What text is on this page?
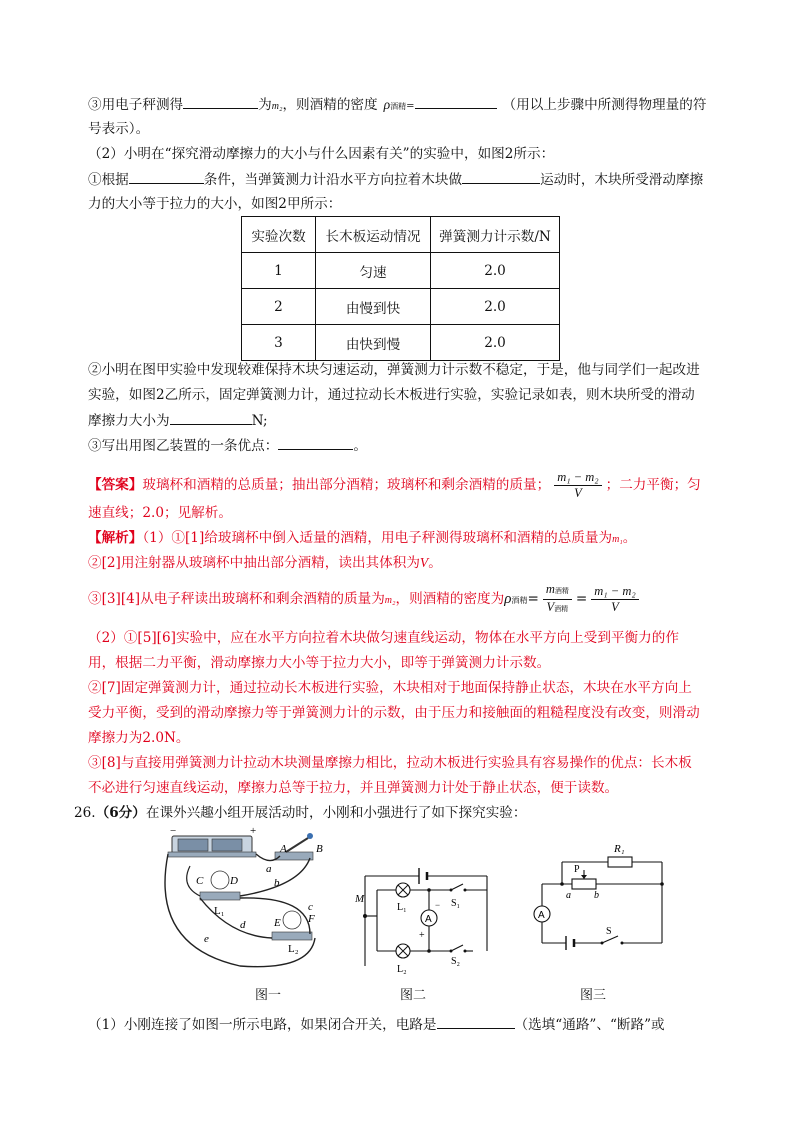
③用电子秤测得	为m₂，则酒精的密度 ρ酒精=	（用以上步骤中所测得物理量的符
号表示）。
（2）小明在“探究滑动摩擦力的大小与什么因素有关”的实验中，如图2所示：
①根据	条件，当弹簧测力计沿水平方向拉着木块做	运动时，木块所受滑动摩擦
力的大小等于拉力的大小，如图2甲所示：
实验次数	长木板运动情况	弹簧测力计示数/N
1	匀速	2.0
2	由慢到快	2.0
3	由快到慢	2.0
②小明在图甲实验中发现较难保持木块匀速运动，弹簧测力计示数不稳定，于是，他与同学们一起改进
实验，如图2乙所示，固定弹簧测力计，通过拉动长木板进行实验，实验记录如表，则木块所受的滑动
摩擦力大小为	N;
③写出用图乙装置的一条优点：	。
【答案】玻璃杯和酒精的总质量；抽出部分酒精；玻璃杯和剩余酒精的质量； $\frac{\text{m₁ − m₂}}{V}$ ；二力平衡；匀
速直线；2.0；见解析。
【解析】（1）①[1]给玻璃杯中倒入适量的酒精，用电子秤测得玻璃杯和酒精的总质量为m₁。
②[2]用注射器从玻璃杯中抽出部分酒精，读出其体积为V。
③[3][4]从电子秤读出玻璃杯和剩余酒精的质量为m₂，则酒精的密度为ρ酒精= $\frac{\text{m酒精}}{\text{V酒精}} = \frac{\text{m₁ − m₂}}{V}$
（2）①[5][6]实验中，应在水平方向拉着木块做匀速直线运动，物体在水平方向上受到平衡力的作
用，根据二力平衡，滑动摩擦力大小等于拉力大小，即等于弹簧测力计示数。
②[7]固定弹簧测力计，通过拉动长木板进行实验，木块相对于地面保持静止状态，木块在水平方向上
受力平衡，受到的滑动摩擦力等于弹簧测力计的示数，由于压力和接触面的粗糙程度没有改变，则滑动
摩擦力为2.0N。
③[8]与直接用弹簧测力计拉动木块测量摩擦力相比，拉动木板进行实验具有容易操作的优点：长木板
不必进行匀速直线运动，摩擦力总等于拉力，并且弹簧测力计处于静止状态，便于读数。
26.（6分）在课外兴趣小组开展活动时，小刚和小强进行了如下探究实验：
−	+
a
A	B
C D	b
c
L₁
d	E F
e
L₂
图一
A
M
L₁	S₁
−
+
L₂
S₂
图二
A
R₁
P
a b
S
图三
（1）小刚连接了如图一所示电路，如果闭合开关，电路是	（选填“通路”、“断路”或
